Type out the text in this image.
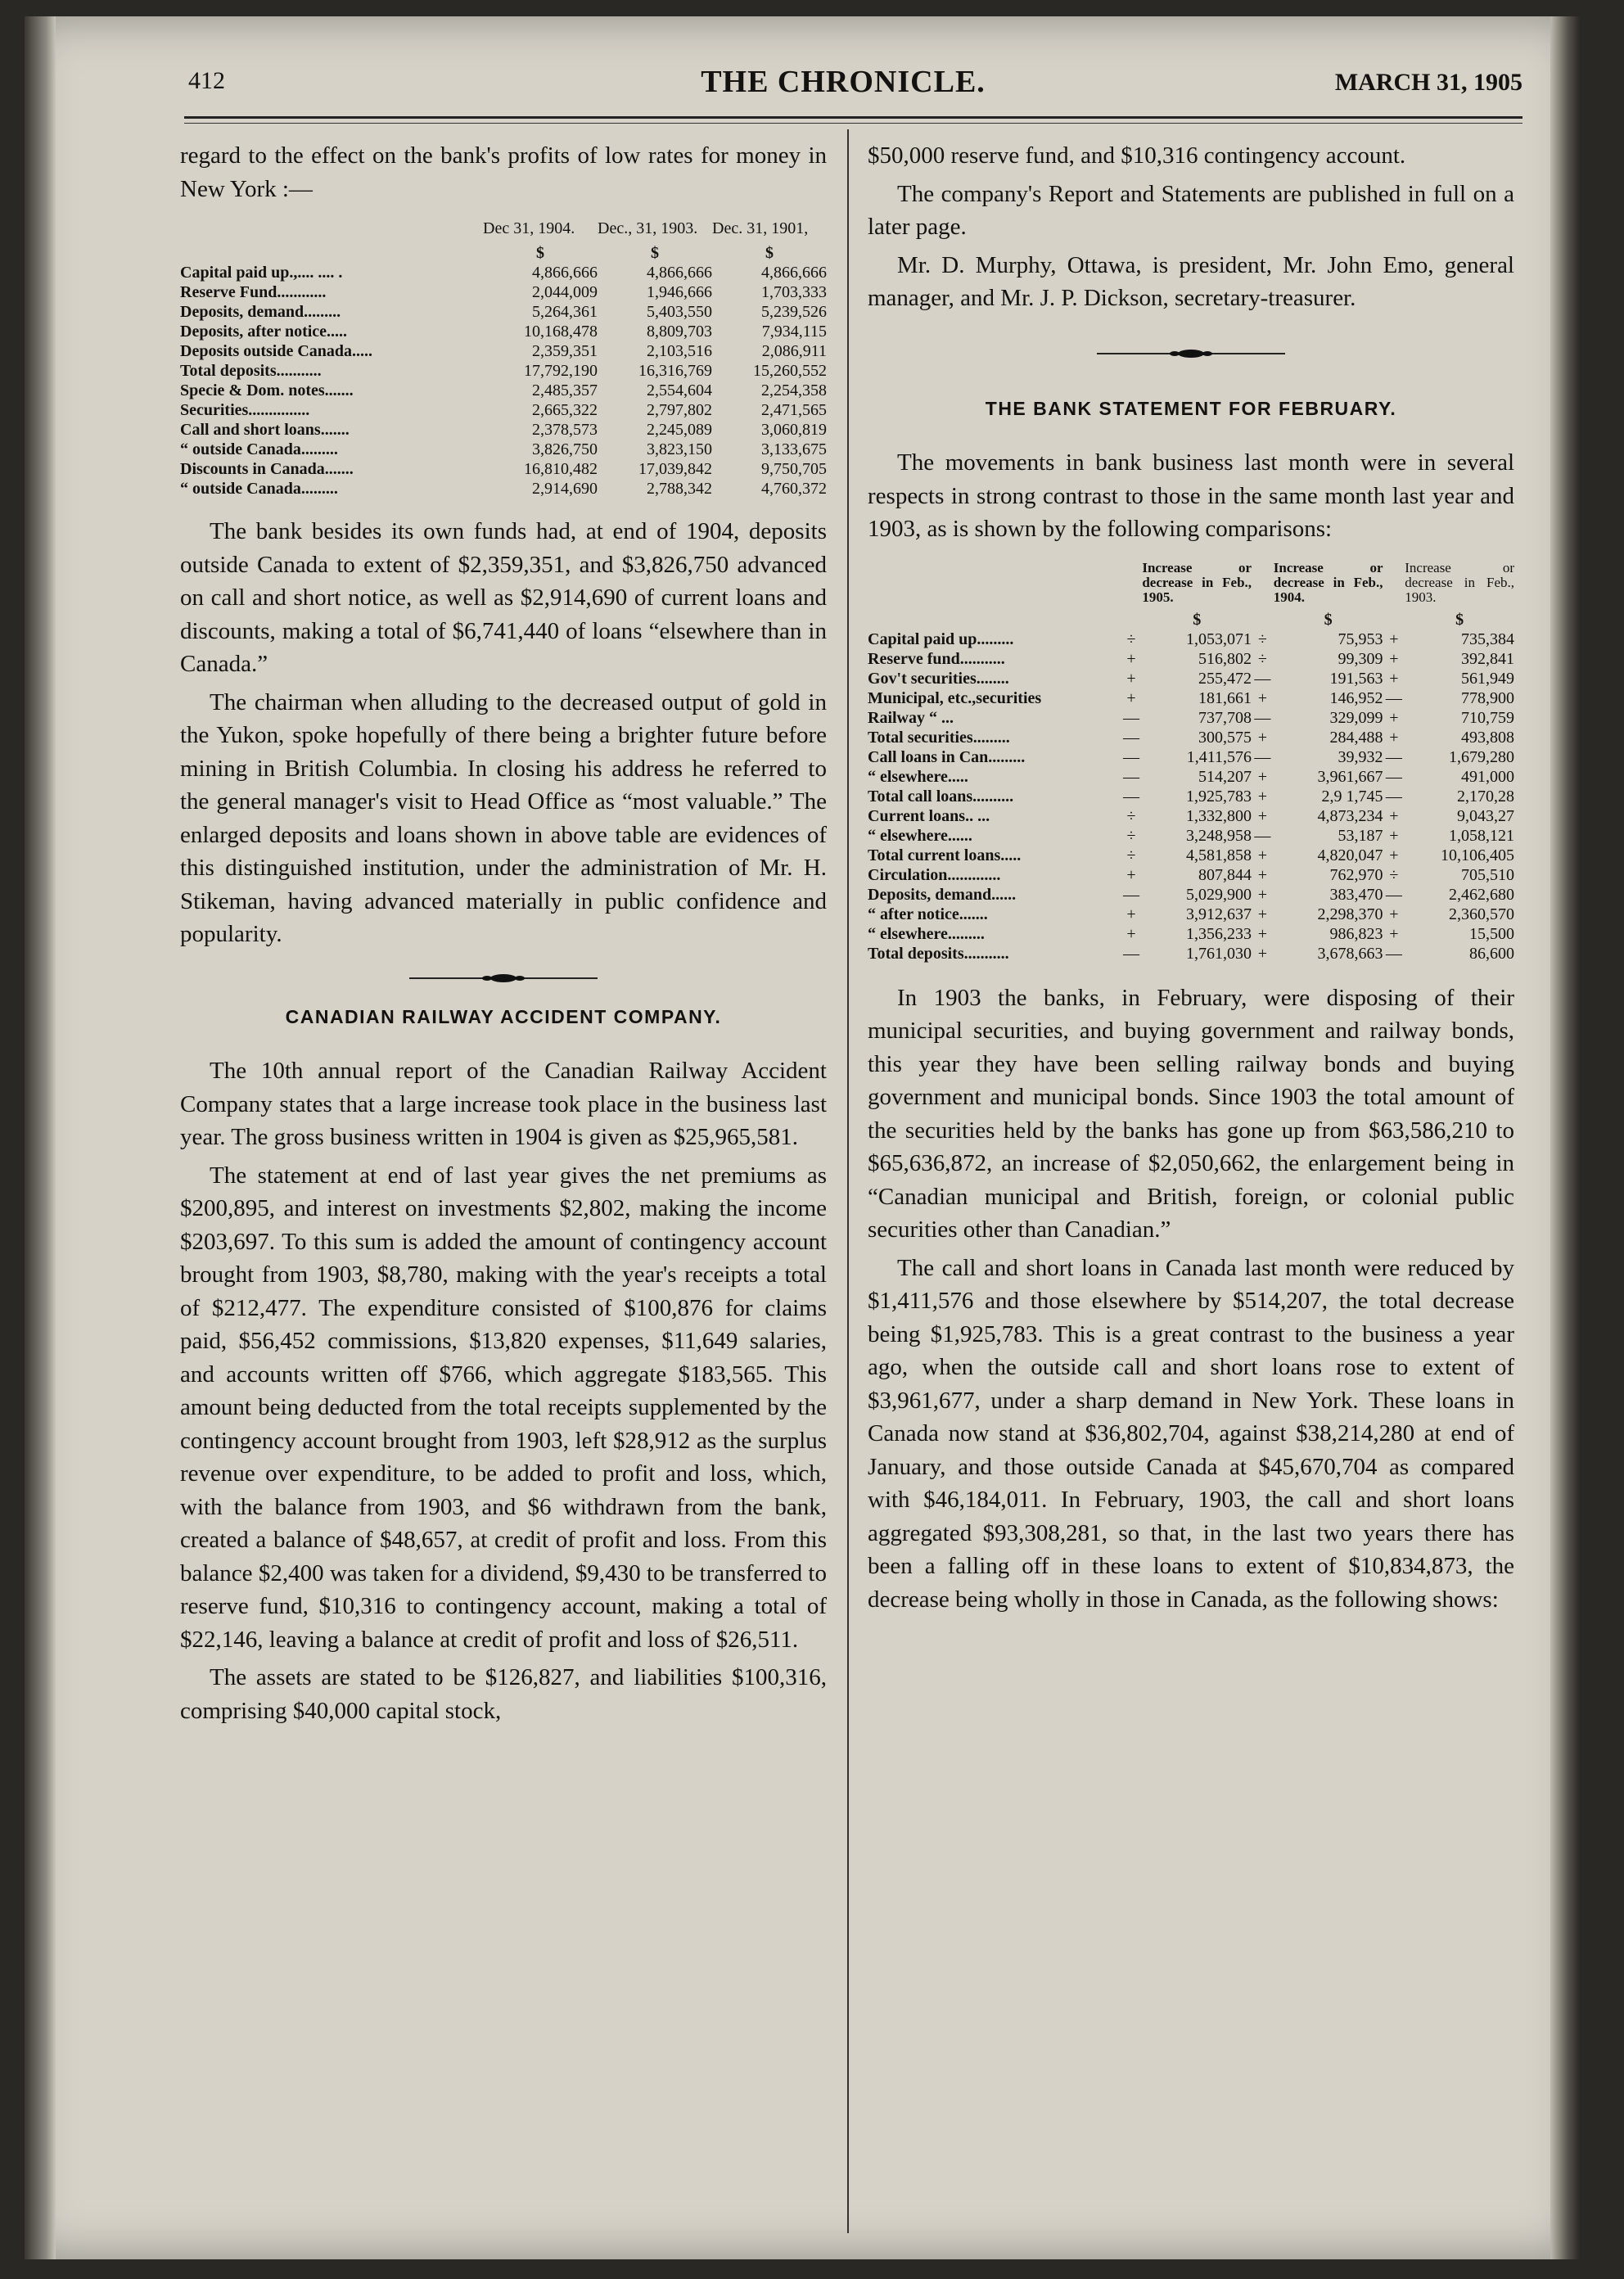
412	THE CHRONICLE.	MARCH 31, 1905

regard to the effect on the bank's profits of low rates for money in New York :—

	Dec 31, 1904.	Dec., 31, 1903.	Dec. 31, 1901,
	$	$	$
Capital paid up.,.... .... .	4,866,666	4,866,666	4,866,666
Reserve Fund............	2,044,009	1,946,666	1,703,333
Deposits, demand.........	5,264,361	5,403,550	5,239,526
Deposits, after notice.....	10,168,478	8,809,703	7,934,115
Deposits outside Canada.....	2,359,351	2,103,516	2,086,911
Total deposits...........	17,792,190	16,316,769	15,260,552
Specie & Dom. notes.......	2,485,357	2,554,604	2,254,358
Securities...............	2,665,322	2,797,802	2,471,565
Call and short loans.......	2,378,573	2,245,089	3,060,819
“ outside Canada.........	3,826,750	3,823,150	3,133,675
Discounts in Canada.......	16,810,482	17,039,842	9,750,705
“ outside Canada.........	2,914,690	2,788,342	4,760,372

The bank besides its own funds had, at end of 1904, deposits outside Canada to extent of $2,359,351, and $3,826,750 advanced on call and short notice, as well as $2,914,690 of current loans and discounts, making a total of $6,741,440 of loans “elsewhere than in Canada.”

The chairman when alluding to the decreased output of gold in the Yukon, spoke hopefully of there being a brighter future before mining in British Columbia. In closing his address he referred to the general manager's visit to Head Office as “most valuable.” The enlarged deposits and loans shown in above table are evidences of this distinguished institution, under the administration of Mr. H. Stikeman, having advanced materially in public confidence and popularity.

CANADIAN RAILWAY ACCIDENT COMPANY.

The 10th annual report of the Canadian Railway Accident Company states that a large increase took place in the business last year. The gross business written in 1904 is given as $25,965,581.

The statement at end of last year gives the net premiums as $200,895, and interest on investments $2,802, making the income $203,697. To this sum is added the amount of contingency account brought from 1903, $8,780, making with the year's receipts a total of $212,477. The expenditure consisted of $100,876 for claims paid, $56,452 commissions, $13,820 expenses, $11,649 salaries, and accounts written off $766, which aggregate $183,565. This amount being deducted from the total receipts supplemented by the contingency account brought from 1903, left $28,912 as the surplus revenue over expenditure, to be added to profit and loss, which, with the balance from 1903, and $6 withdrawn from the bank, created a balance of $48,657, at credit of profit and loss. From this balance $2,400 was taken for a dividend, $9,430 to be transferred to reserve fund, $10,316 to contingency account, making a total of $22,146, leaving a balance at credit of profit and loss of $26,511.

The assets are stated to be $126,827, and liabilities $100,316, comprising $40,000 capital stock,

$50,000 reserve fund, and $10,316 contingency account.

The company's Report and Statements are published in full on a later page.

Mr. D. Murphy, Ottawa, is president, Mr. John Emo, general manager, and Mr. J. P. Dickson, secretary-treasurer.

THE BANK STATEMENT FOR FEBRUARY.

The movements in bank business last month were in several respects in strong contrast to those in the same month last year and 1903, as is shown by the following comparisons:

		Increase or decrease in Feb., 1905.		Increase or decrease in Feb., 1904.		Increase or decrease in Feb., 1903.
		$		$		$
Capital paid up.........	÷	1,053,071	÷	75,953	+	735,384
Reserve fund...........	+	516,802	÷	99,309	+	392,841
Gov't securities........	+	255,472	—	191,563	+	561,949
Municipal, etc.,securities	+	181,661	+	146,952	—	778,900
Railway “ ...	—	737,708	—	329,099	+	710,759
Total securities.........	—	300,575	+	284,488	+	493,808
Call loans in Can.........	—	1,411,576	—	39,932	—	1,679,280
“ elsewhere.....	—	514,207	+	3,961,667	—	491,000
Total call loans..........	—	1,925,783	+	2,9 1,745	—	2,170,28
Current loans.. ...	÷	1,332,800	+	4,873,234	+	9,043,27
“ elsewhere......	÷	3,248,958	—	53,187	+	1,058,121
Total current loans.....	÷	4,581,858	+	4,820,047	+	10,106,405
Circulation.............	+	807,844	+	762,970	÷	705,510
Deposits, demand......	—	5,029,900	+	383,470	—	2,462,680
“ after notice.......	+	3,912,637	+	2,298,370	+	2,360,570
“ elsewhere.........	+	1,356,233	+	986,823	+	15,500
Total deposits...........	—	1,761,030	+	3,678,663	—	86,600

In 1903 the banks, in February, were disposing of their municipal securities, and buying government and railway bonds, this year they have been selling railway bonds and buying government and municipal bonds. Since 1903 the total amount of the securities held by the banks has gone up from $63,586,210 to $65,636,872, an increase of $2,050,662, the enlargement being in “Canadian municipal and British, foreign, or colonial public securities other than Canadian.”

The call and short loans in Canada last month were reduced by $1,411,576 and those elsewhere by $514,207, the total decrease being $1,925,783. This is a great contrast to the business a year ago, when the outside call and short loans rose to extent of $3,961,677, under a sharp demand in New York. These loans in Canada now stand at $36,802,704, against $38,214,280 at end of January, and those outside Canada at $45,670,704 as compared with $46,184,011. In February, 1903, the call and short loans aggregated $93,308,281, so that, in the last two years there has been a falling off in these loans to extent of $10,834,873, the decrease being wholly in those in Canada, as the following shows:
